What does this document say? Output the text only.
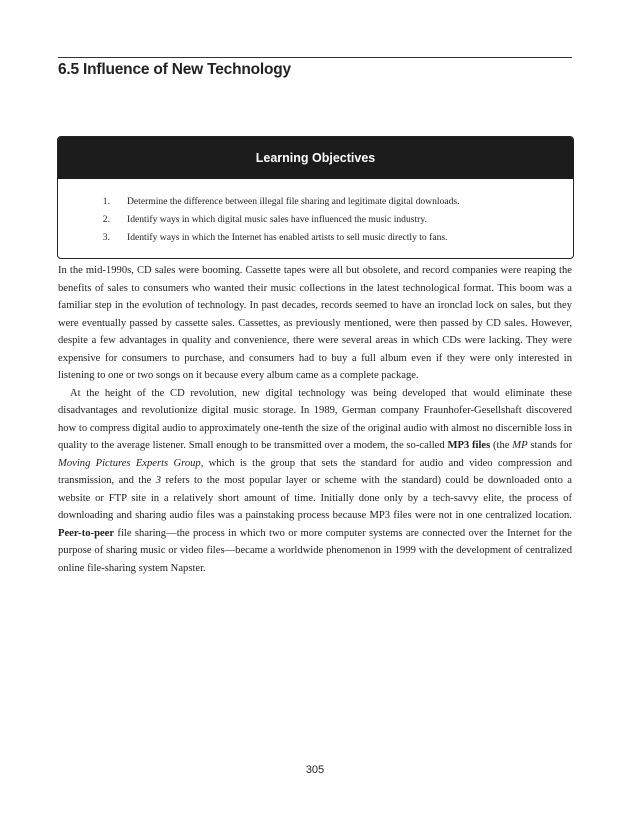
6.5 Influence of New Technology
Learning Objectives
1.	Determine the difference between illegal file sharing and legitimate digital downloads.
2.	Identify ways in which digital music sales have influenced the music industry.
3.	Identify ways in which the Internet has enabled artists to sell music directly to fans.

In the mid-1990s, CD sales were booming. Cassette tapes were all but obsolete, and record companies were reaping the benefits of sales to consumers who wanted their music collections in the latest technological format. This boom was a familiar step in the evolution of technology. In past decades, records seemed to have an ironclad lock on sales, but they were eventually passed by cassette sales. Cassettes, as previously mentioned, were then passed by CD sales. However, despite a few advantages in quality and convenience, there were several areas in which CDs were lacking. They were expensive for consumers to purchase, and consumers had to buy a full album even if they were only interested in listening to one or two songs on it because every album came as a complete package.

At the height of the CD revolution, new digital technology was being developed that would eliminate these disadvantages and revolutionize digital music storage. In 1989, German company Fraunhofer-Gesellshaft discovered how to compress digital audio to approximately one-tenth the size of the original audio with almost no discernible loss in quality to the average listener. Small enough to be transmitted over a modem, the so-called MP3 files (the MP stands for Moving Pictures Experts Group, which is the group that sets the standard for audio and video compression and transmission, and the 3 refers to the most popular layer or scheme with the standard) could be downloaded onto a website or FTP site in a relatively short amount of time. Initially done only by a tech-savvy elite, the process of downloading and sharing audio files was a painstaking process because MP3 files were not in one centralized location. Peer-to-peer file sharing—the process in which two or more computer systems are connected over the Internet for the purpose of sharing music or video files—became a worldwide phenomenon in 1999 with the development of centralized online file-sharing system Napster.

305
